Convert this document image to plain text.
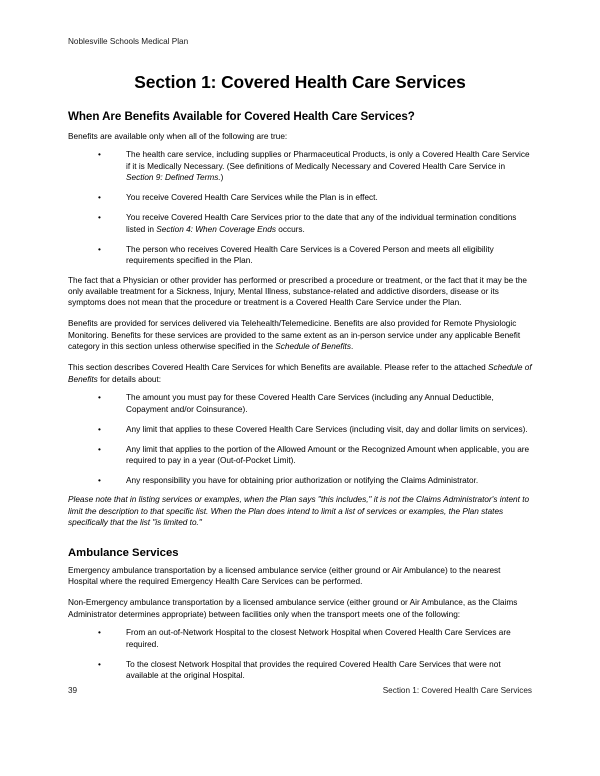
Noblesville Schools Medical Plan
Section 1: Covered Health Care Services
When Are Benefits Available for Covered Health Care Services?

Benefits are available only when all of the following are true:

•	The health care service, including supplies or Pharmaceutical Products, is only a Covered Health Care Service if it is Medically Necessary. (See definitions of Medically Necessary and Covered Health Care Service in Section 9: Defined Terms.)
•	You receive Covered Health Care Services while the Plan is in effect.
•	You receive Covered Health Care Services prior to the date that any of the individual termination conditions listed in Section 4: When Coverage Ends occurs.
•	The person who receives Covered Health Care Services is a Covered Person and meets all eligibility requirements specified in the Plan.

The fact that a Physician or other provider has performed or prescribed a procedure or treatment, or the fact that it may be the only available treatment for a Sickness, Injury, Mental Illness, substance-related and addictive disorders, disease or its symptoms does not mean that the procedure or treatment is a Covered Health Care Service under the Plan.

Benefits are provided for services delivered via Telehealth/Telemedicine. Benefits are also provided for Remote Physiologic Monitoring. Benefits for these services are provided to the same extent as an in-person service under any applicable Benefit category in this section unless otherwise specified in the Schedule of Benefits.

This section describes Covered Health Care Services for which Benefits are available. Please refer to the attached Schedule of Benefits for details about:

•	The amount you must pay for these Covered Health Care Services (including any Annual Deductible, Copayment and/or Coinsurance).
•	Any limit that applies to these Covered Health Care Services (including visit, day and dollar limits on services).
•	Any limit that applies to the portion of the Allowed Amount or the Recognized Amount when applicable, you are required to pay in a year (Out-of-Pocket Limit).
•	Any responsibility you have for obtaining prior authorization or notifying the Claims Administrator.

Please note that in listing services or examples, when the Plan says "this includes," it is not the Claims Administrator's intent to limit the description to that specific list. When the Plan does intend to limit a list of services or examples, the Plan states specifically that the list "is limited to."

Ambulance Services

Emergency ambulance transportation by a licensed ambulance service (either ground or Air Ambulance) to the nearest Hospital where the required Emergency Health Care Services can be performed.

Non-Emergency ambulance transportation by a licensed ambulance service (either ground or Air Ambulance, as the Claims Administrator determines appropriate) between facilities only when the transport meets one of the following:

•	From an out-of-Network Hospital to the closest Network Hospital when Covered Health Care Services are required.
•	To the closest Network Hospital that provides the required Covered Health Care Services that were not available at the original Hospital.
39	Section 1: Covered Health Care Services
